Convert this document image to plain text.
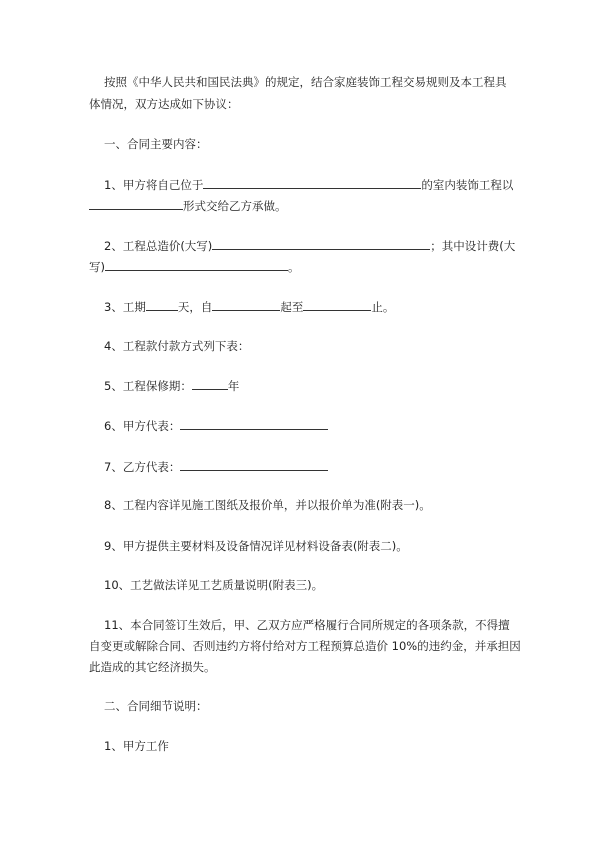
按照《中华人民共和国民法典》的规定，结合家庭装饰工程交易规则及本工程具
体情况，双方达成如下协议：
一、合同主要内容：
1、甲方将自己位于	的室内装饰工程以
形式交给乙方承做。
2、工程总造价(大写)	；其中设计费(大
写)	。
3、工期	天，自	起至	止。
4、工程款付款方式列下表：
5、工程保修期：	年
6、甲方代表：
7、乙方代表：
8、工程内容详见施工图纸及报价单，并以报价单为准(附表一)。
9、甲方提供主要材料及设备情况详见材料设备表(附表二)。
10、工艺做法详见工艺质量说明(附表三)。
11、本合同签订生效后，甲、乙双方应严格履行合同所规定的各项条款，不得擅
自变更或解除合同、否则违约方将付给对方工程预算总造价 10%的违约金，并承担因
此造成的其它经济损失。
二、合同细节说明：
1、甲方工作
